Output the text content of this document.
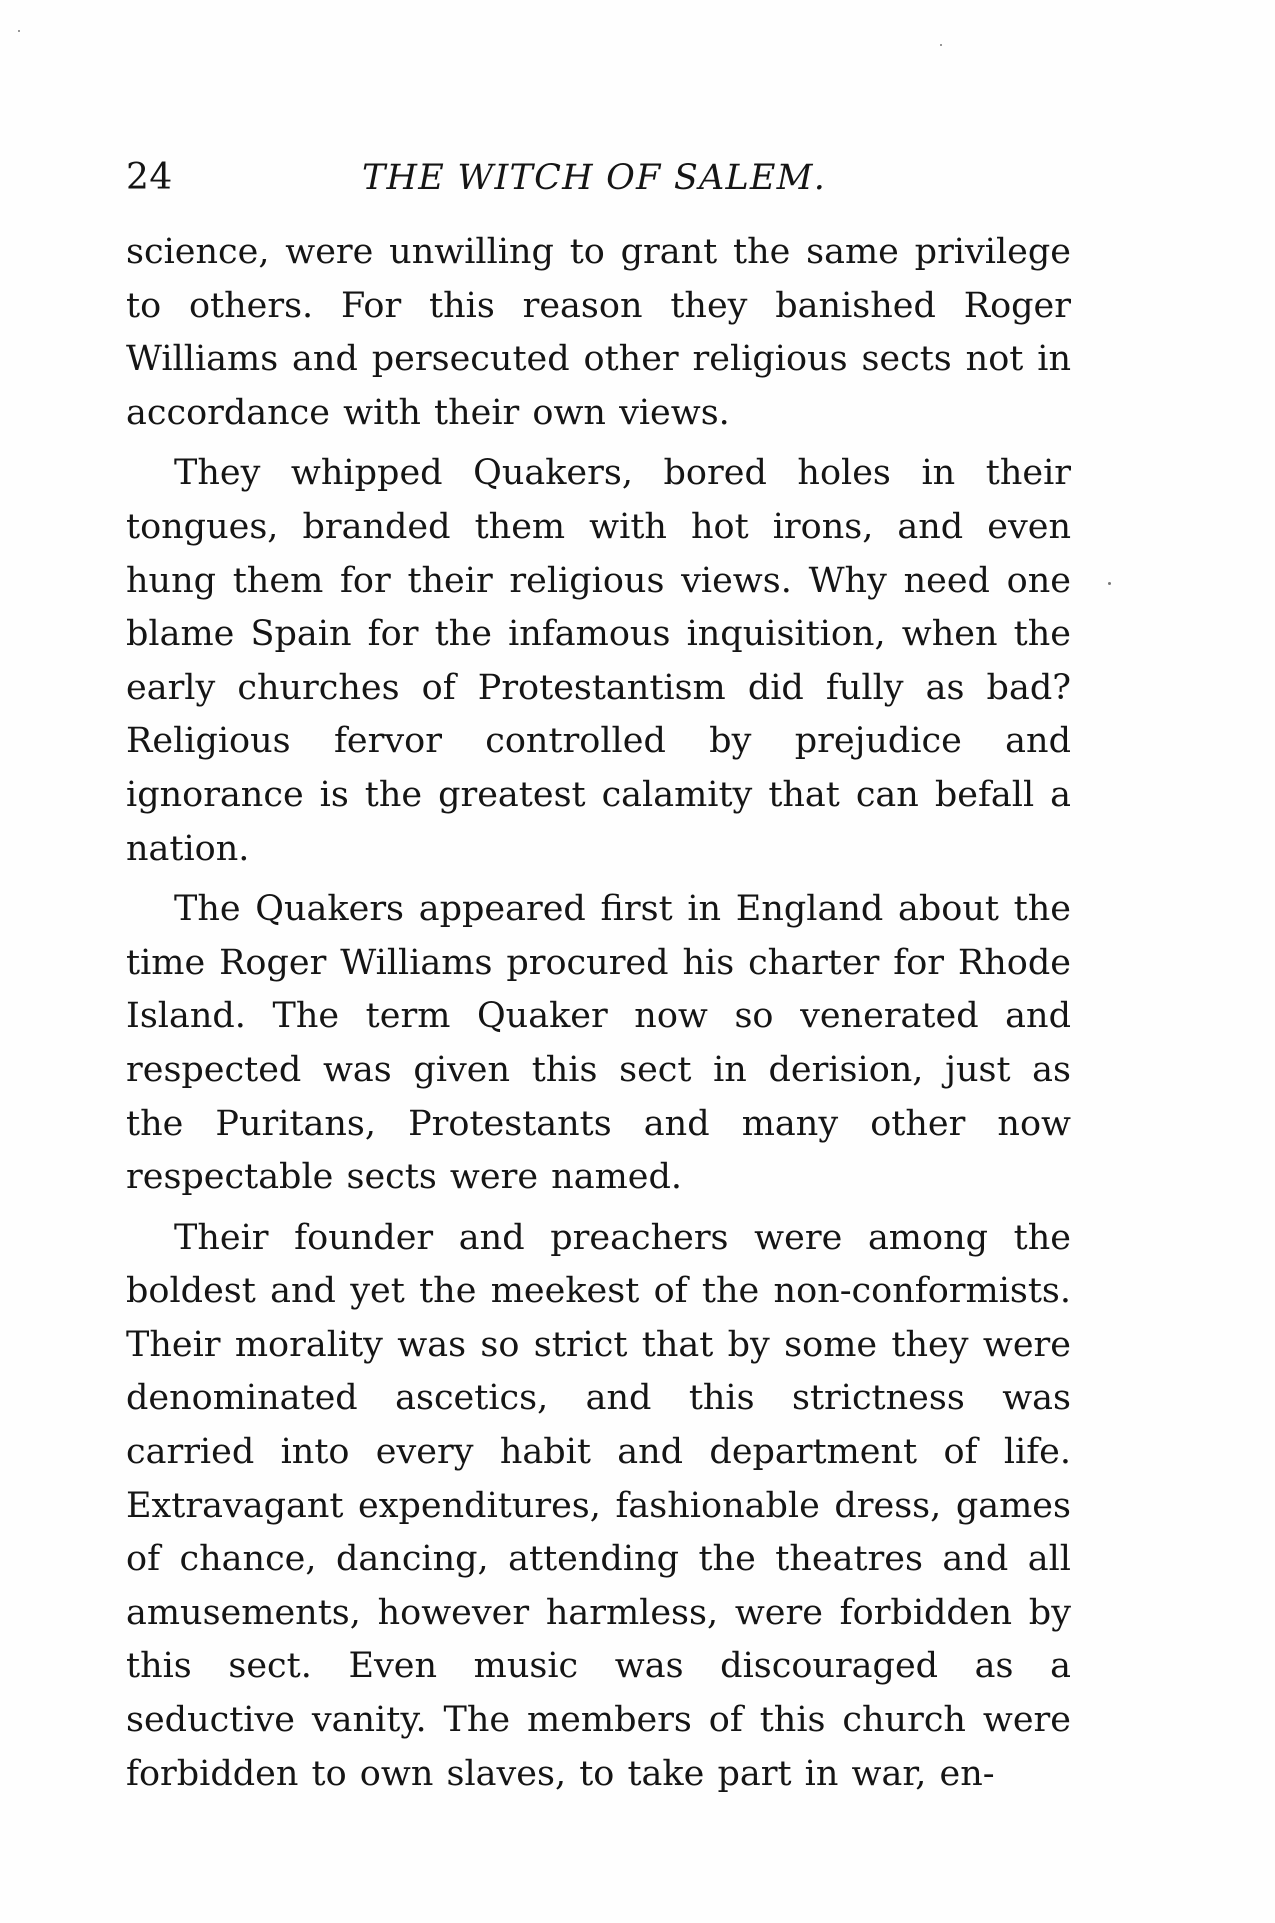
24	THE WITCH OF SALEM.

science, were unwilling to grant the same privilege to others. For this reason they banished Roger Williams and persecuted other religious sects not in accordance with their own views.

They whipped Quakers, bored holes in their tongues, branded them with hot irons, and even hung them for their religious views. Why need one blame Spain for the infamous inquisition, when the early churches of Protestantism did fully as bad? Religious fervor controlled by prejudice and ignorance is the greatest calamity that can befall a nation.

The Quakers appeared first in England about the time Roger Williams procured his charter for Rhode Island. The term Quaker now so venerated and respected was given this sect in derision, just as the Puritans, Protestants and many other now respectable sects were named.

Their founder and preachers were among the boldest and yet the meekest of the non-conformists. Their morality was so strict that by some they were denominated ascetics, and this strictness was carried into every habit and department of life. Extravagant expenditures, fashionable dress, games of chance, dancing, attending the theatres and all amusements, however harmless, were forbidden by this sect. Even music was discouraged as a seductive vanity. The members of this church were forbidden to own slaves, to take part in war, en-
